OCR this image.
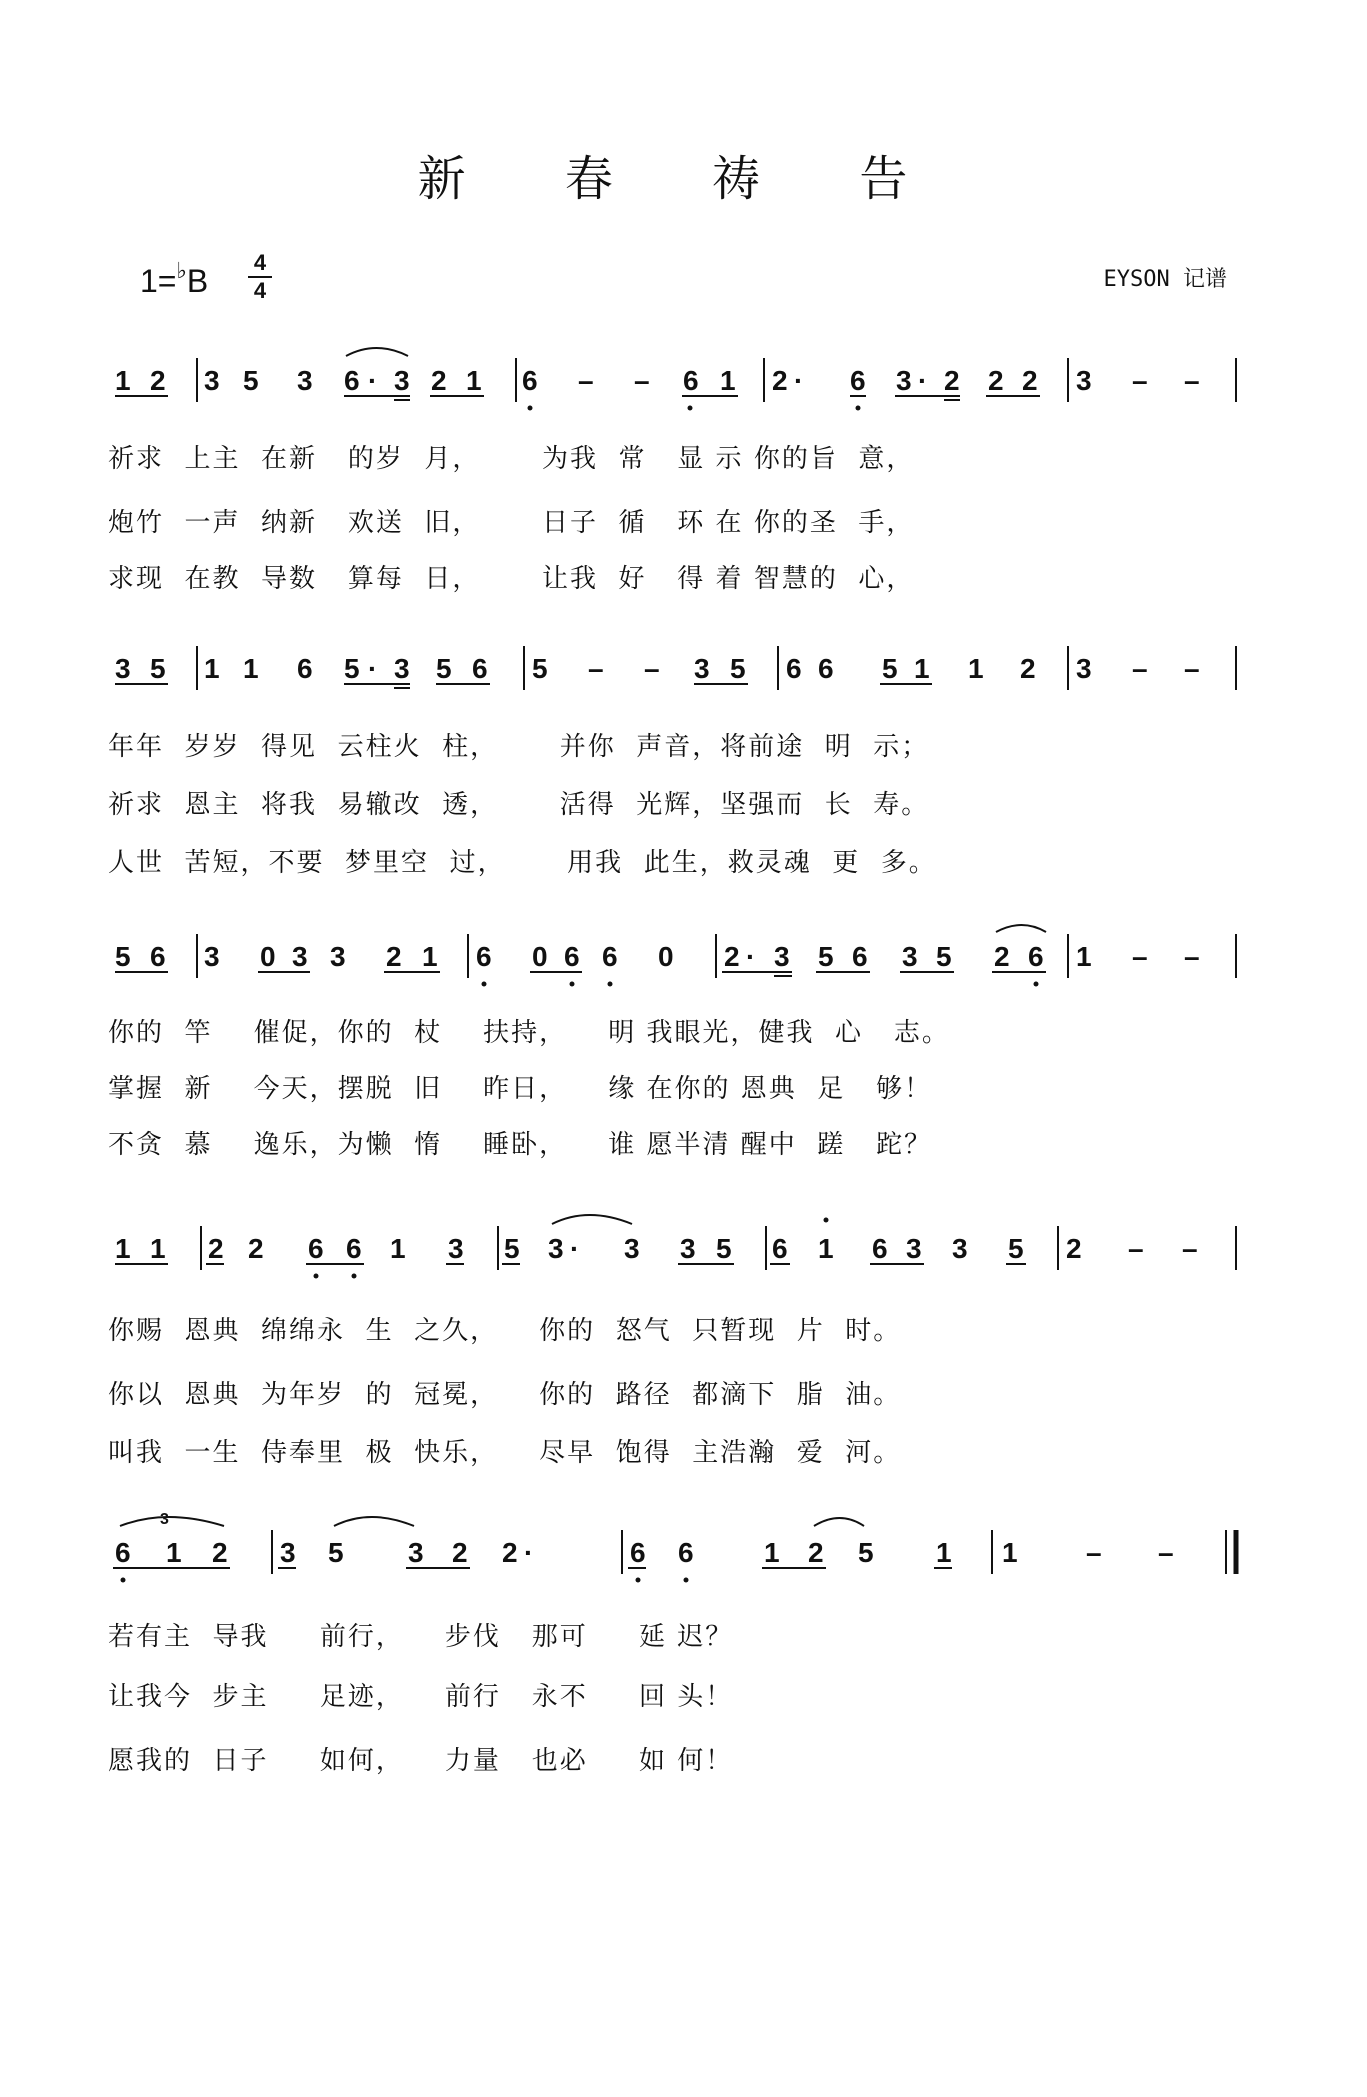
新 春 祷 告
1=♭B
4
4	EYSON 记谱
1 2 3 5 3 6 · 3 2 1 6 – – 6 1 2 · 6 3 · 2 2 2 3 – –
祈求  上主  在新   的岁  月，      为我  常   显 示 你的旨  意，
炮竹  一声  纳新   欢送  旧，      日子  循   环 在 你的圣  手，
求现  在教  导数   算每  日，      让我  好   得 着 智慧的  心，
3 5 1 1 6 5 · 3 5 6 5 – – 3 5 6 6 5 1 1 2 3 – –
年年  岁岁  得见  云柱火  柱，      并你  声音，将前途  明  示；
祈求  恩主  将我  易辙改  透，      活得  光辉，坚强而  长  寿。
人世  苦短，不要  梦里空  过，      用我  此生，救灵魂  更  多。
5 6 3 0 3 3 2 1 6 0 6 6 0 2 · 3 5 6 3 5 2 6 1 – –
你的  竿    催促，你的  杖    扶持，    明 我眼光，健我  心   志。
掌握  新    今天，摆脱  旧    昨日，    缘 在你的 恩典  足   够！
不贪  慕    逸乐，为懒  惰    睡卧，    谁 愿半清 醒中  蹉   跎？
1 1 2 2 6 6 1 3 5 3 · 3 3 5 6 1 6 3 3 5 2 – –
你赐  恩典  绵绵永  生  之久，    你的  怒气  只暂现  片  时。
你以  恩典  为年岁  的  冠冕，    你的  路径  都滴下  脂  油。
叫我  一生  侍奉里  极  快乐，    尽早  饱得  主浩瀚  爱  河。
6 1 2 3 5 3 2 2 ·	6 6	1 2 5 1 1 – –
3
若有主  导我     前行，    步伐   那可     延 迟？
让我今  步主     足迹，    前行   永不     回 头！
愿我的  日子     如何，    力量   也必     如 何！
